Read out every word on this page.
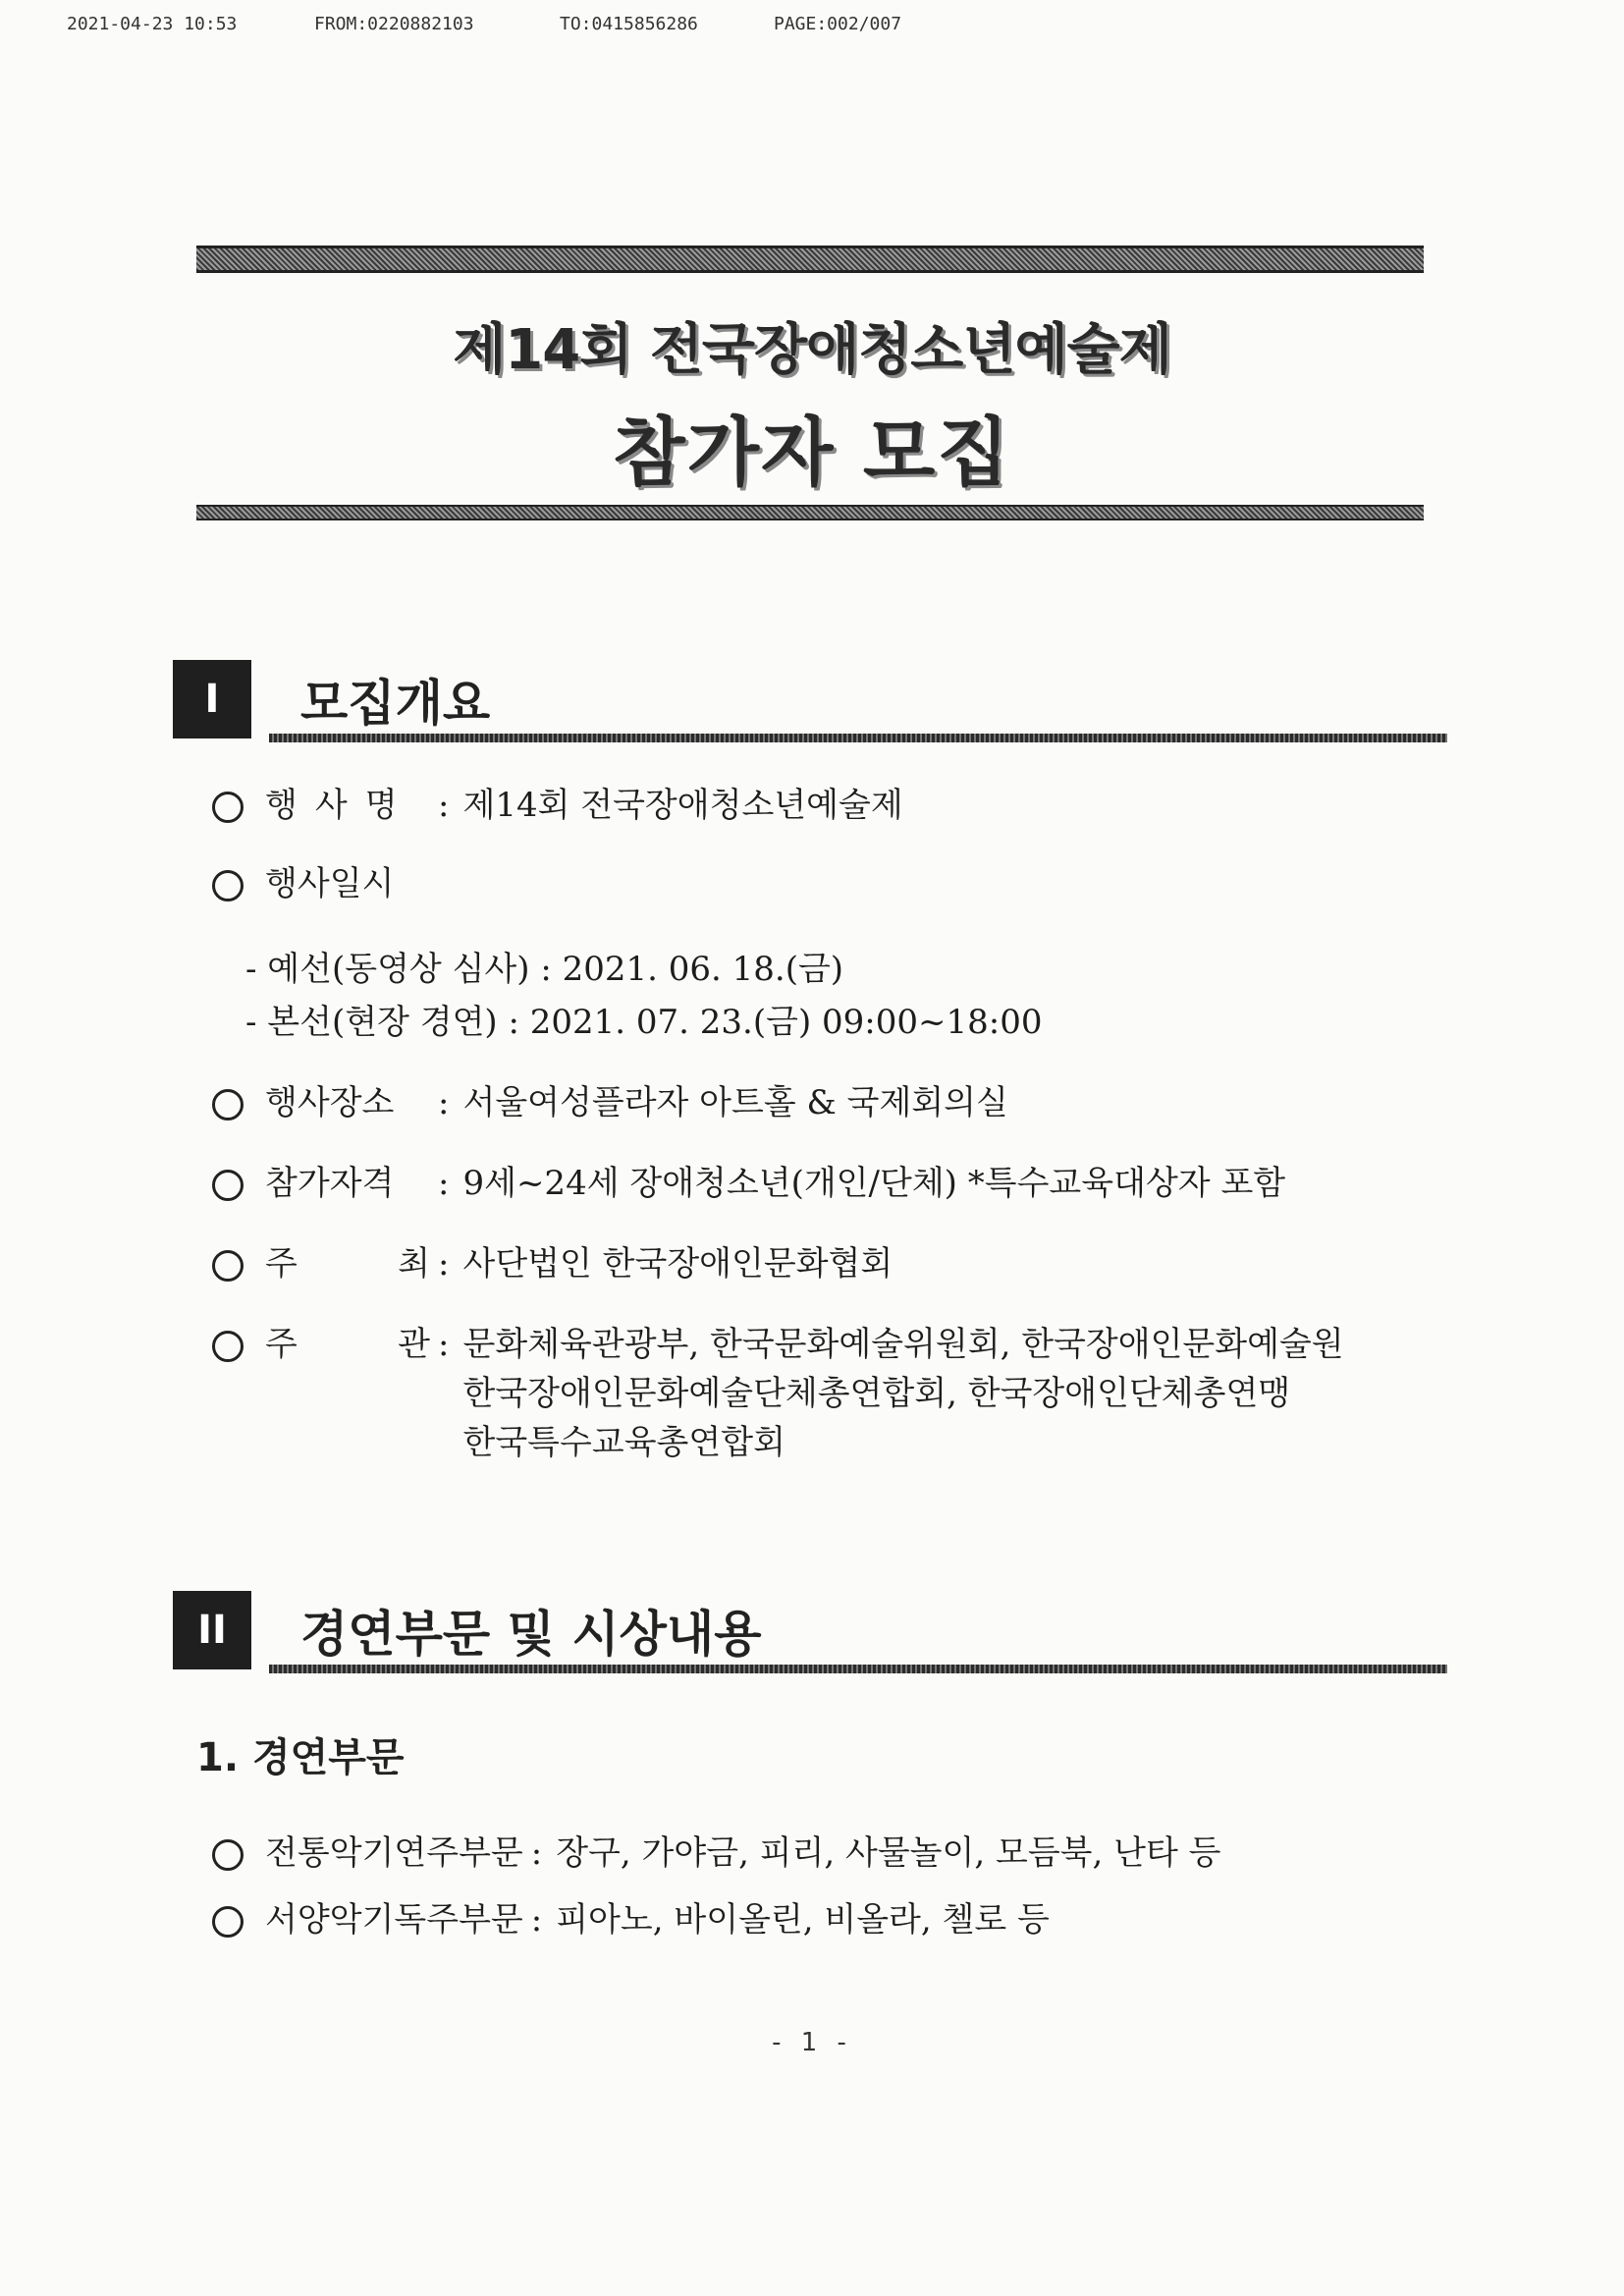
2021-04-23 10:53	FROM:0220882103	TO:0415856286	PAGE:002/007
제14회 전국장애청소년예술제
참가자 모집
I	모집개요
행사명 : 제14회 전국장애청소년예술제
행사일시
- 예선(동영상 심사) : 2021. 06. 18.(금)
- 본선(현장 경연) : 2021. 07. 23.(금) 09:00~18:00
행사장소	: 서울여성플라자 아트홀 & 국제회의실
참가자격	: 9세~24세 장애청소년(개인/단체) *특수교육대상자 포함
주	최 : 사단법인 한국장애인문화협회
주	관 : 문화체육관광부, 한국문화예술위원회, 한국장애인문화예술원
한국장애인문화예술단체총연합회, 한국장애인단체총연맹
한국특수교육총연합회
II	경연부문 및 시상내용
1. 경연부문
전통악기연주부문 : 장구, 가야금, 피리, 사물놀이, 모듬북, 난타 등
서양악기독주부문 : 피아노, 바이올린, 비올라, 첼로 등
- 1 -
